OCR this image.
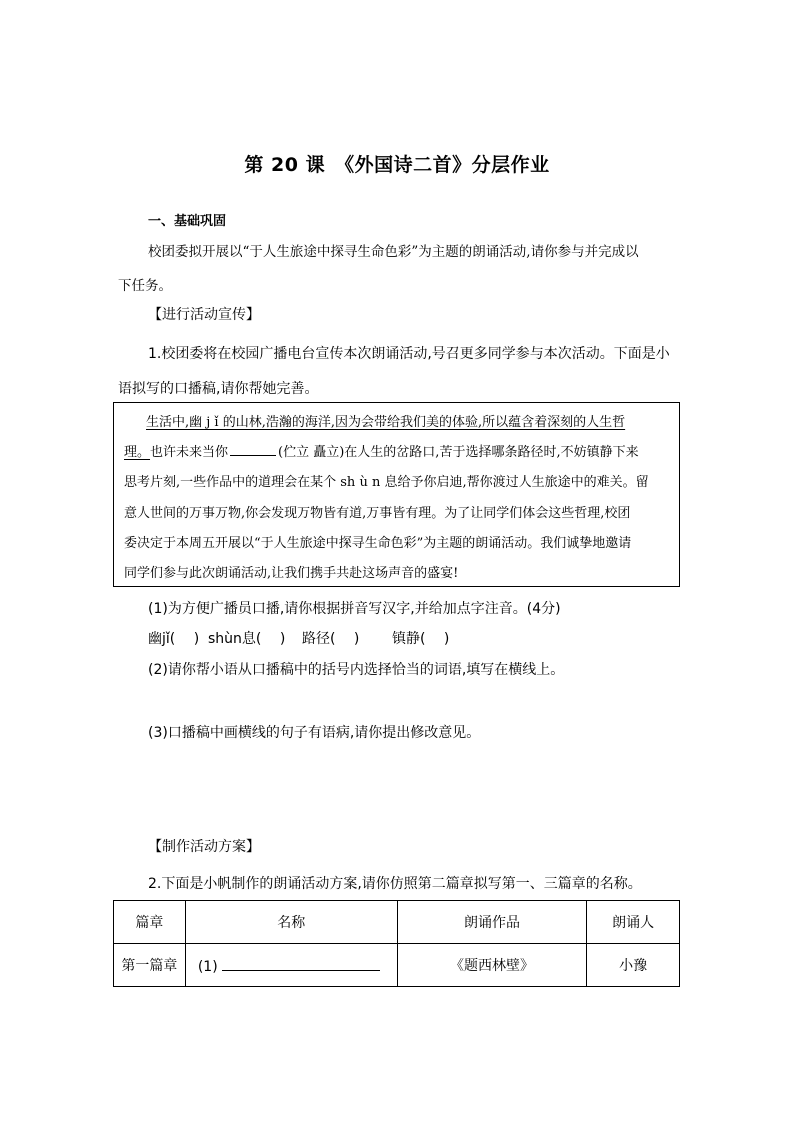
第 20 课　《外国诗二首》分层作业
一、基础巩固
校团委拟开展以“于人生旅途中探寻生命色彩”为主题的朗诵活动,请你参与并完成以
下任务。
【进行活动宣传】
1.校团委将在校园广播电台宣传本次朗诵活动,号召更多同学参与本次活动。下面是小
语拟写的口播稿,请你帮她完善。
生活中,幽 j ǐ 的山林,浩瀚的海洋,因为会带给我们美的体验,所以蕴含着深刻的人生哲
理。也许未来当你	(伫立 矗立)在人生的岔路口,苦于选择哪条路径时,不妨镇静下来
思考片刻,一些作品中的道理会在某个 sh ù n 息给予你启迪,帮你渡过人生旅途中的难关。留
意人世间的万事万物,你会发现万物皆有道,万事皆有理。为了让同学们体会这些哲理,校团
委决定于本周五开展以“于人生旅途中探寻生命色彩”为主题的朗诵活动。我们诚挚地邀请
同学们参与此次朗诵活动,让我们携手共赴这场声音的盛宴!
(1)为方便广播员口播,请你根据拼音写汉字,并给加点字注音。(4分)
幽jǐ(　 ) shùn息(　 ) 路径(　 ) 镇静(　 )
(2)请你帮小语从口播稿中的括号内选择恰当的词语,填写在横线上。
(3)口播稿中画横线的句子有语病,请你提出修改意见。
【制作活动方案】
2.下面是小帆制作的朗诵活动方案,请你仿照第二篇章拟写第一、三篇章的名称。
篇章	名称	朗诵作品	朗诵人
第一篇章	(1)	《题西林壁》	小豫
